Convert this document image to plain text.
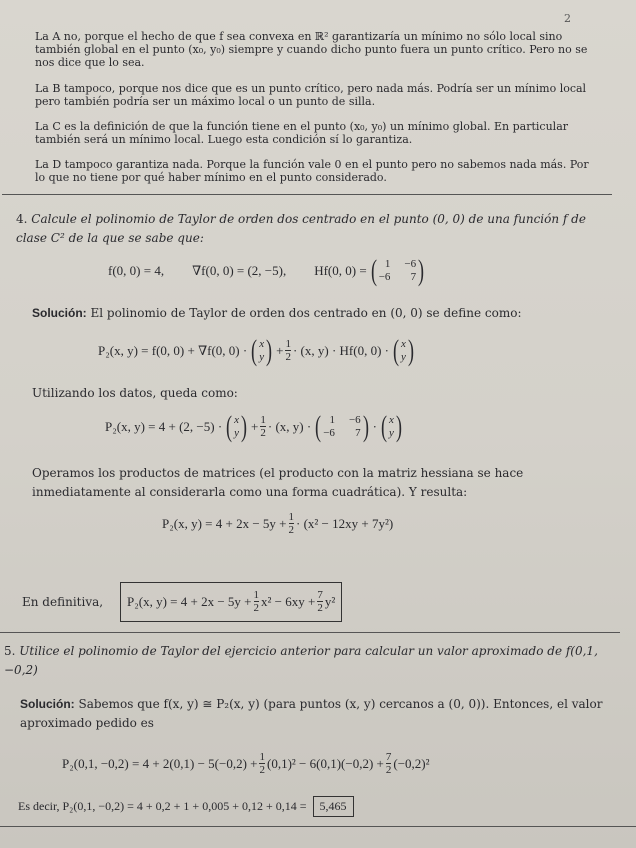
2
La A no, porque el hecho de que f sea convexa en ℝ² garantizaría un mínimo no sólo local sino también global en el punto (x₀, y₀) siempre y cuando dicho punto fuera un punto crítico. Pero no se nos dice que lo sea.
La B tampoco, porque nos dice que es un punto crítico, pero nada más. Podría ser un mínimo local pero también podría ser un máximo local o un punto de silla.
La C es la definición de que la función tiene en el punto (x₀, y₀) un mínimo global. En particular también será un mínimo local. Luego esta condición sí lo garantiza.
La D tampoco garantiza nada. Porque la función vale 0 en el punto pero no sabemos nada más. Por lo que no tiene por qué haber mínimo en el punto considerado.
4. Calcule el polinomio de Taylor de orden dos centrado en el punto (0, 0) de una función f de clase C² de la que se sabe que:
f(0, 0) = 4, ∇f(0, 0) = (2, −5), Hf(0, 0) = ( 1 −6
−6	7 )
Solución: El polinomio de Taylor de orden dos centrado en (0, 0) se define como:
P₂(x, y) = f(0, 0) + ∇f(0, 0) · ( x
y ) + $\frac{1}{2} \cdot (x$, y) · Hf(0, 0) · ( x
y )
Utilizando los datos, queda como:
P₂(x, y) = 4 + (2, −5) · ( x
y ) + $\frac{1}{2} \cdot (x$, y) · ( 1 −6
−6	7 ) · ( x
y )
Operamos los productos de matrices (el producto con la matriz hessiana se hace inmediatamente al considerarla como una forma cuadrática). Y resulta:
P₂(x, $y) = 4 + 2x - 5y + \frac{1}{2} \cdot (x^2 - 12xy + 7y^2)$
En definitiva, P₂(x, $y) = 4 + 2x - 5y + \frac{1}{2} x^2 - 6xy + \frac{7}{2} y^2$
5. Utilice el polinomio de Taylor del ejercicio anterior para calcular un valor aproximado de f(0,1, −0,2)
Solución: Sabemos que f(x, y) ≅ P₂(x, y) (para puntos (x, y) cercanos a (0, 0)). Entonces, el valor aproximado pedido es
P₂(0,1, $-0,2) = 4 + 2(0,1) - 5(-0,2) + \frac{1}{2} (0,1)^2 - 6(0,1)(-0,2) + \frac{7}{2} (-0,2)^2$
Es decir, P₂(0,1, −0,2) = 4 + 0,2 + 1 + 0,005 + 0,12 + 0,14 =	5,465
